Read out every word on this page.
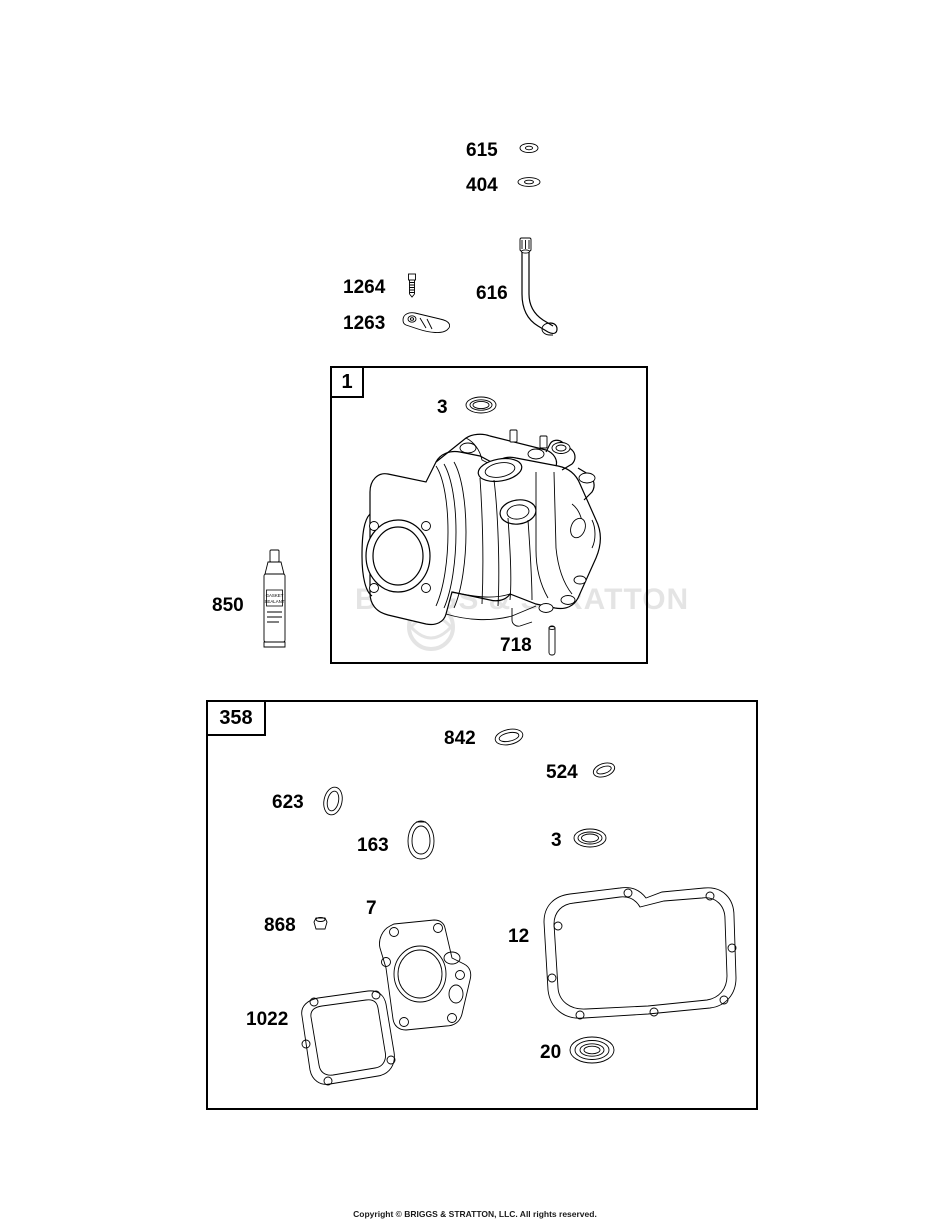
615
404
1264
1263
616
1
3
BRIGGS & STRATTON
850	GASKET
SEALANT
718
358
842
524
623
163	3
7
868
12
1022
20
Copyright © BRIGGS & STRATTON, LLC. All rights reserved.
